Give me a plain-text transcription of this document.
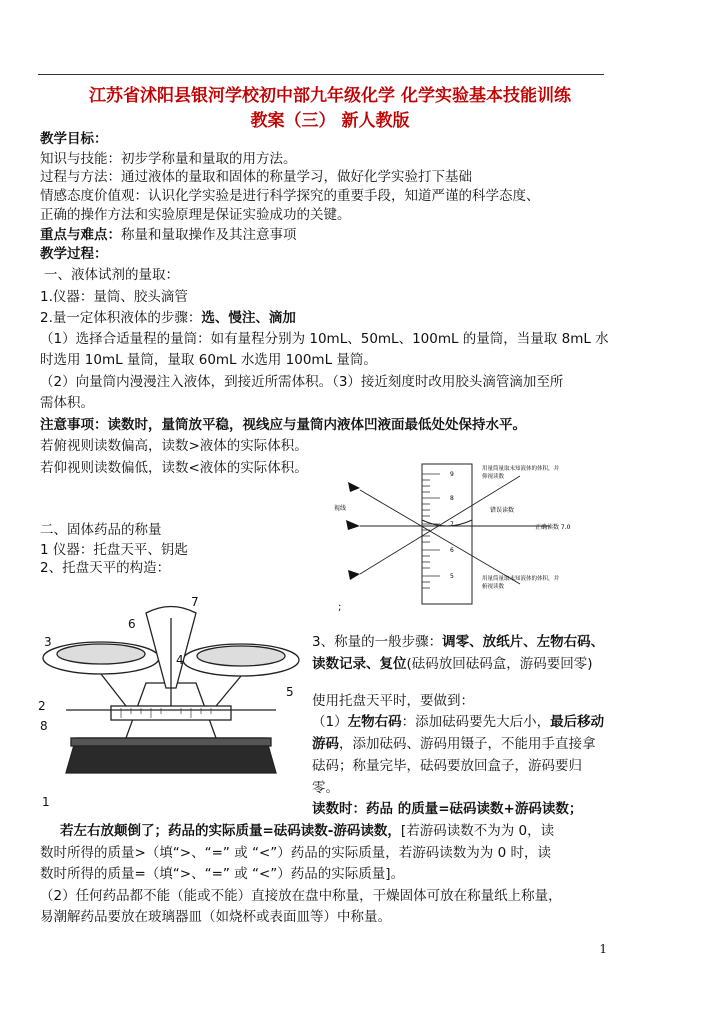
江苏省沭阳县银河学校初中部九年级化学 化学实验基本技能训练
教案（三） 新人教版
教学目标：
知识与技能：初步学称量和量取的用方法。
过程与方法：通过液体的量取和固体的称量学习，做好化学实验打下基础
情感态度价值观：认识化学实验是进行科学探究的重要手段，知道严谨的科学态度、
正确的操作方法和实验原理是保证实验成功的关键。
重点与难点：称量和量取操作及其注意事项
教学过程：
一、液体试剂的量取：
1.仪器：量筒、胶头滴管
2.量一定体积液体的步骤：选、慢注、滴加
（1）选择合适量程的量筒：如有量程分别为 10mL、50mL、100mL 的量筒，当量取 8mL 水
时选用 10mL 量筒，量取 60mL 水选用 100mL 量筒。
（2）向量筒内漫漫注入液体，到接近所需体积。（3）接近刻度时改用胶头滴管滴加至所
需体积。
注意事项：读数时，量筒放平稳，视线应与量筒内液体凹液面最低处处保持水平。
若俯视则读数偏高，读数>液体的实际体积。
若仰视则读数偏低，读数<液体的实际体积。
二、固体药品的称量
1 仪器：托盘天平、钥匙
2、托盘天平的构造：
9
8
7
6
5
视线
用量筒量取未知液体的体积，并
仰视读数
错误读数
正确读数 7.0
用量筒量取未知液体的体积，并
俯视读数
;
1
2
3
4
5
6
7
8
3、称量的一般步骤：调零、放纸片、左物右码、读数记录、复位(砝码放回砝码盒，游码要回零)
使用托盘天平时，要做到：
（1）左物右码：添加砝码要先大后小，最后移动游码，添加砝码、游码用镊子，不能用手直接拿砝码；称量完毕，砝码要放回盒子，游码要归零。
读数时：药品 的质量=砝码读数+游码读数；
若左右放颠倒了；药品的实际质量=砝码读数-游码读数，[若游码读数不为为 0，读
数时所得的质量>（填“>、“=” 或 “<”）药品的实际质量，若游码读数为为 0 时，读
数时所得的质量=（填“>、“=” 或 “<”）药品的实际质量]。
（2）任何药品都不能（能或不能）直接放在盘中称量，干燥固体可放在称量纸上称量，
易潮解药品要放在玻璃器皿（如烧杯或表面皿等）中称量。
1
